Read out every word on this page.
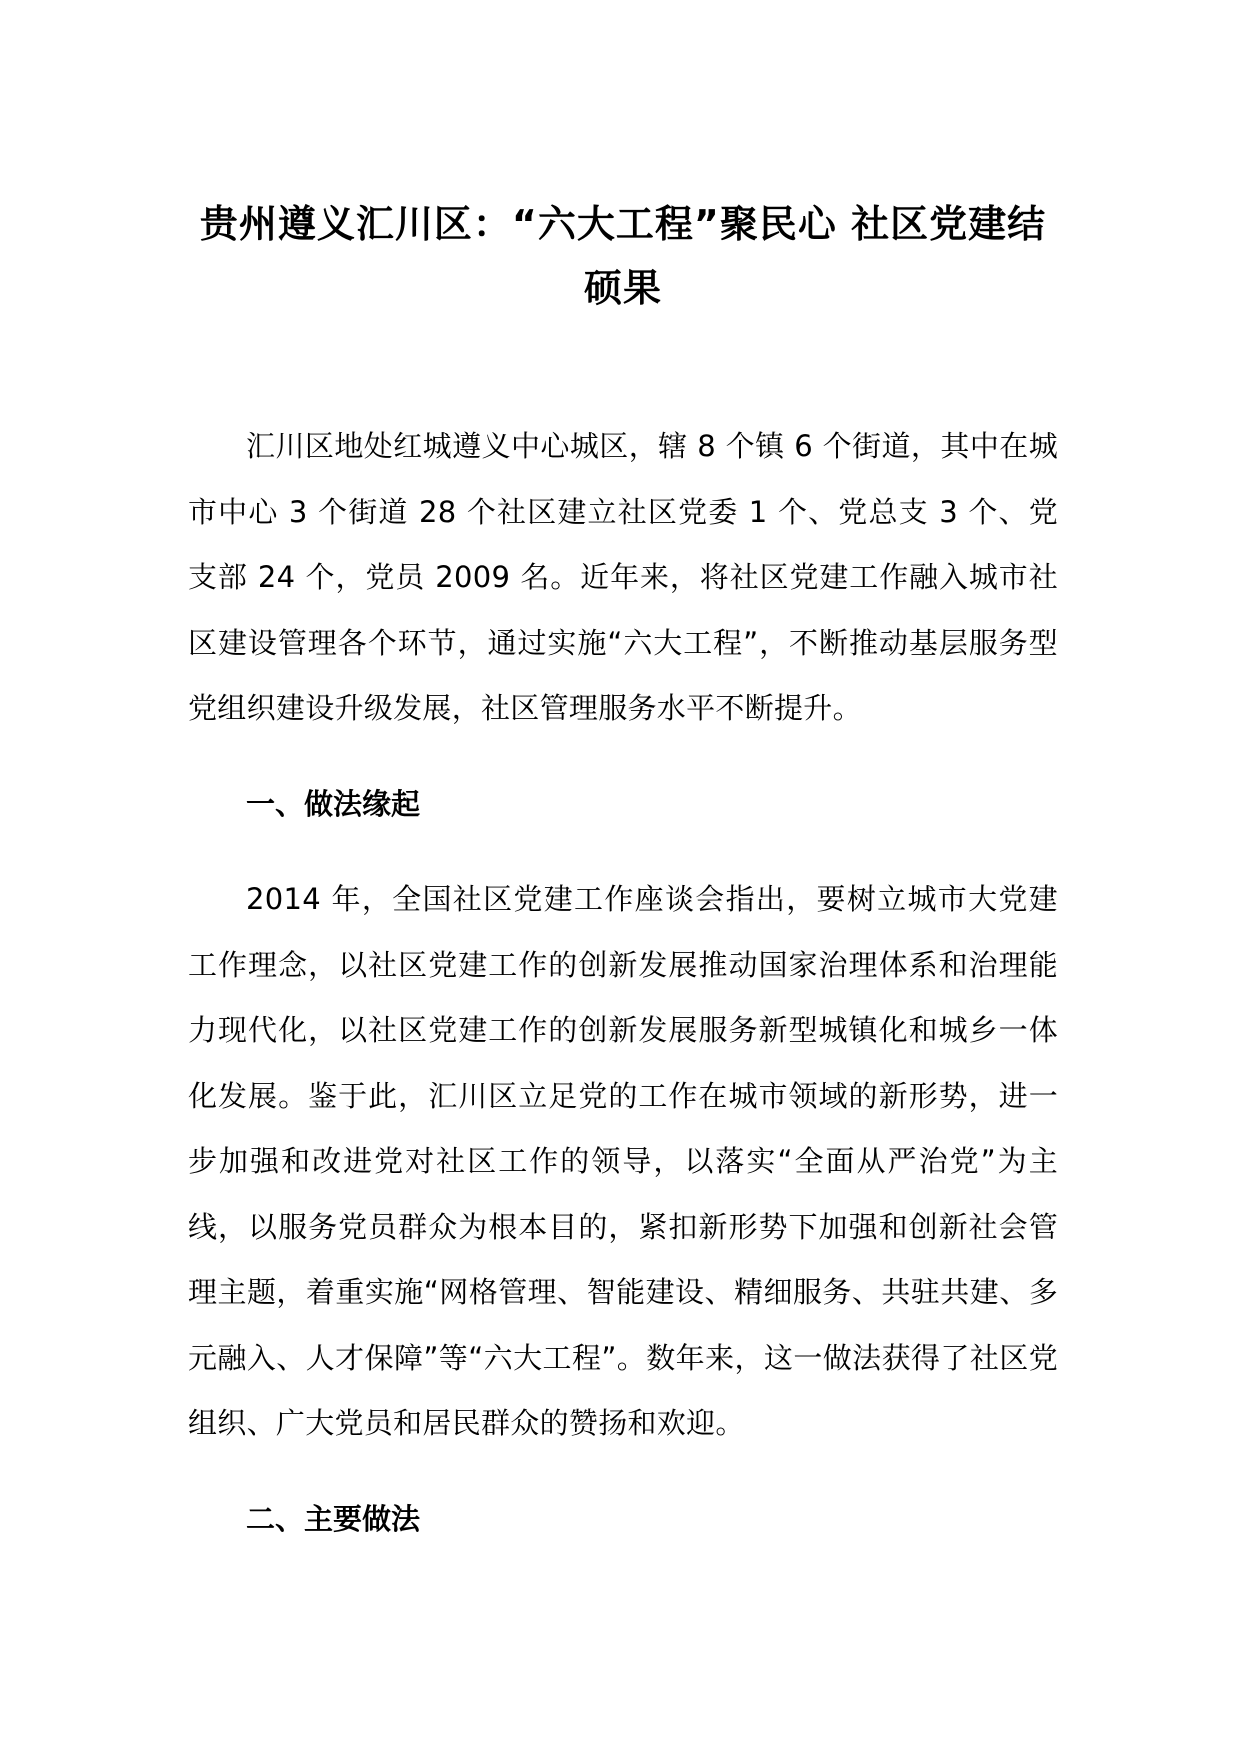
贵州遵义汇川区：“六大工程”聚民心 社区党建结硕果

汇川区地处红城遵义中心城区，辖 8 个镇 6 个街道，其中在城市中心 3 个街道 28 个社区建立社区党委 1 个、党总支 3 个、党支部 24 个，党员 2009 名。近年来，将社区党建工作融入城市社区建设管理各个环节，通过实施“六大工程”，不断推动基层服务型党组织建设升级发展，社区管理服务水平不断提升。

一、做法缘起

2014 年，全国社区党建工作座谈会指出，要树立城市大党建工作理念，以社区党建工作的创新发展推动国家治理体系和治理能力现代化，以社区党建工作的创新发展服务新型城镇化和城乡一体化发展。鉴于此，汇川区立足党的工作在城市领域的新形势，进一步加强和改进党对社区工作的领导，以落实“全面从严治党”为主线，以服务党员群众为根本目的，紧扣新形势下加强和创新社会管理主题，着重实施“网格管理、智能建设、精细服务、共驻共建、多元融入、人才保障”等“六大工程”。数年来，这一做法获得了社区党组织、广大党员和居民群众的赞扬和欢迎。

二、主要做法
